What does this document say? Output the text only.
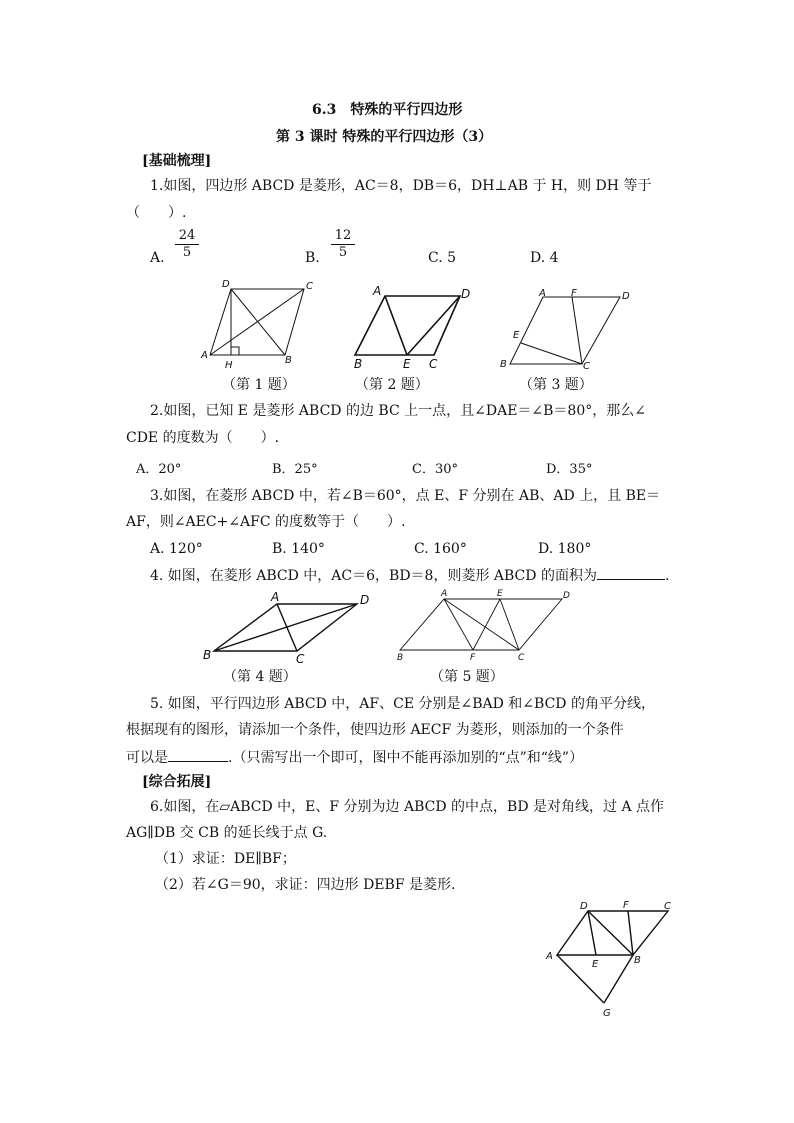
6.3　特殊的平行四边形
第 3 课时 特殊的平行四边形（3）
[基础梳理]
1.如图，四边形 ABCD 是菱形，AC＝8，DB＝6，DH⊥AB 于 H，则 DH 等于
（　　）.
A. $\frac{24}{5}$	B. $\frac{12}{5}$	C. 5	D. 4
D	C
A
H	B
（第 1 题）
A	D
B	E C
（第 2 题）
A	F	D
E
B	C
（第 3 题）
2.如图，已知 E 是菱形 ABCD 的边 BC 上一点，且∠DAE＝∠B＝80°，那么∠
CDE 的度数为（　　）.
A．20°	B．25°	C．30°	D．35°
3.如图，在菱形 ABCD 中，若∠B＝60°，点 E、F 分别在 AB、AD 上，且 BE＝
AF，则∠AEC+∠AFC 的度数等于（　　）.
A. 120°	B. 140°	C. 160°	D. 180°
4. 如图，在菱形 ABCD 中，AC＝6，BD＝8，则菱形 ABCD 的面积为	.
A	D
B	C
（第 4 题）
A	E	D
B	F	C
（第 5 题）
5. 如图，平行四边形 ABCD 中，AF、CE 分别是∠BAD 和∠BCD 的角平分线，
根据现有的图形，请添加一个条件，使四边形 AECF 为菱形，则添加的一个条件
可以是	.（只需写出一个即可，图中不能再添加别的“点”和“线”）
[综合拓展]
6.如图，在▱ABCD 中，E、F 分别为边 ABCD 的中点，BD 是对角线，过 A 点作
AG∥DB 交 CB 的延长线于点 G.
（1）求证：DE∥BF；
（2）若∠G＝90，求证：四边形 DEBF 是菱形.
D	F	C
A
E	B
G
